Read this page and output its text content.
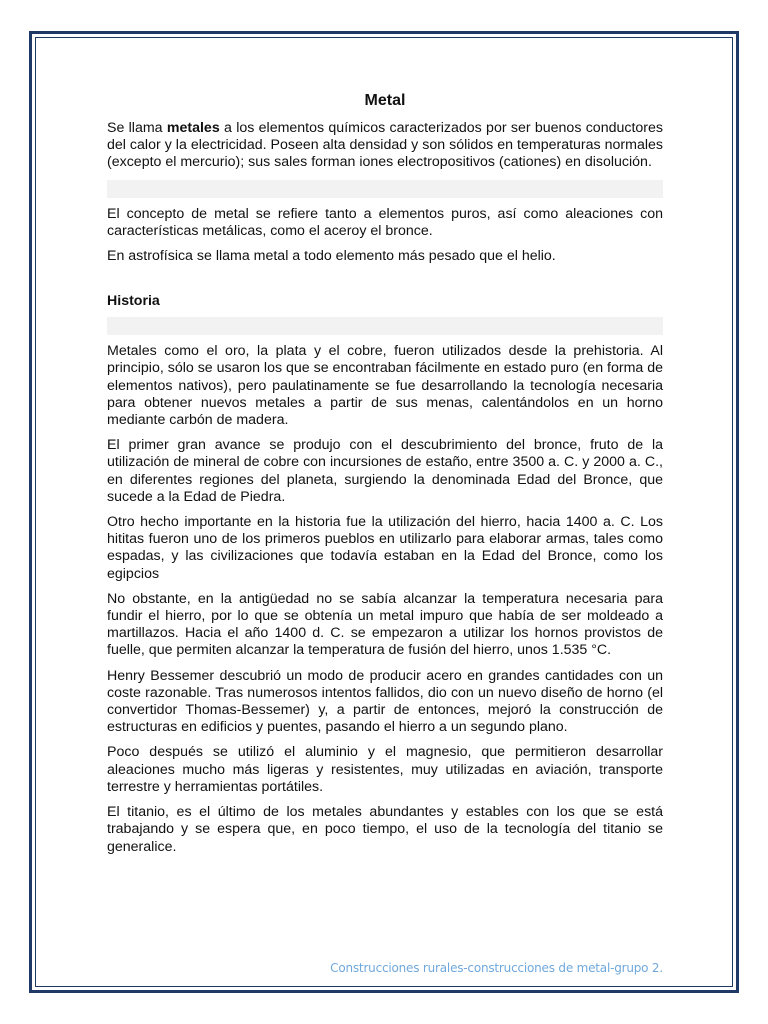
Metal

Se llama metales a los elementos químicos caracterizados por ser buenos conductores del calor y la electricidad. Poseen alta densidad y son sólidos en temperaturas normales (excepto el mercurio); sus sales forman iones electropositivos (cationes) en disolución.

El concepto de metal se refiere tanto a elementos puros, así como aleaciones con características metálicas, como el aceroy el bronce.

En astrofísica se llama metal a todo elemento más pesado que el helio.

Historia

Metales como el oro, la plata y el cobre, fueron utilizados desde la prehistoria. Al principio, sólo se usaron los que se encontraban fácilmente en estado puro (en forma de elementos nativos), pero paulatinamente se fue desarrollando la tecnología necesaria para obtener nuevos metales a partir de sus menas, calentándolos en un horno mediante carbón de madera.

El primer gran avance se produjo con el descubrimiento del bronce, fruto de la utilización de mineral de cobre con incursiones de estaño, entre 3500 a. C. y 2000 a. C., en diferentes regiones del planeta, surgiendo la denominada Edad del Bronce, que sucede a la Edad de Piedra.

Otro hecho importante en la historia fue la utilización del hierro, hacia 1400 a. C. Los hititas fueron uno de los primeros pueblos en utilizarlo para elaborar armas, tales como espadas, y las civilizaciones que todavía estaban en la Edad del Bronce, como los egipcios

No obstante, en la antigüedad no se sabía alcanzar la temperatura necesaria para fundir el hierro, por lo que se obtenía un metal impuro que había de ser moldeado a martillazos. Hacia el año 1400 d. C. se empezaron a utilizar los hornos provistos de fuelle, que permiten alcanzar la temperatura de fusión del hierro, unos 1.535 °C.

Henry Bessemer descubrió un modo de producir acero en grandes cantidades con un coste razonable. Tras numerosos intentos fallidos, dio con un nuevo diseño de horno (el convertidor Thomas-Bessemer) y, a partir de entonces, mejoró la construcción de estructuras en edificios y puentes, pasando el hierro a un segundo plano.

Poco después se utilizó el aluminio y el magnesio, que permitieron desarrollar aleaciones mucho más ligeras y resistentes, muy utilizadas en aviación, transporte terrestre y herramientas portátiles.

El titanio, es el último de los metales abundantes y estables con los que se está trabajando y se espera que, en poco tiempo, el uso de la tecnología del titanio se generalice.

Construcciones rurales-construcciones de metal-grupo 2.
